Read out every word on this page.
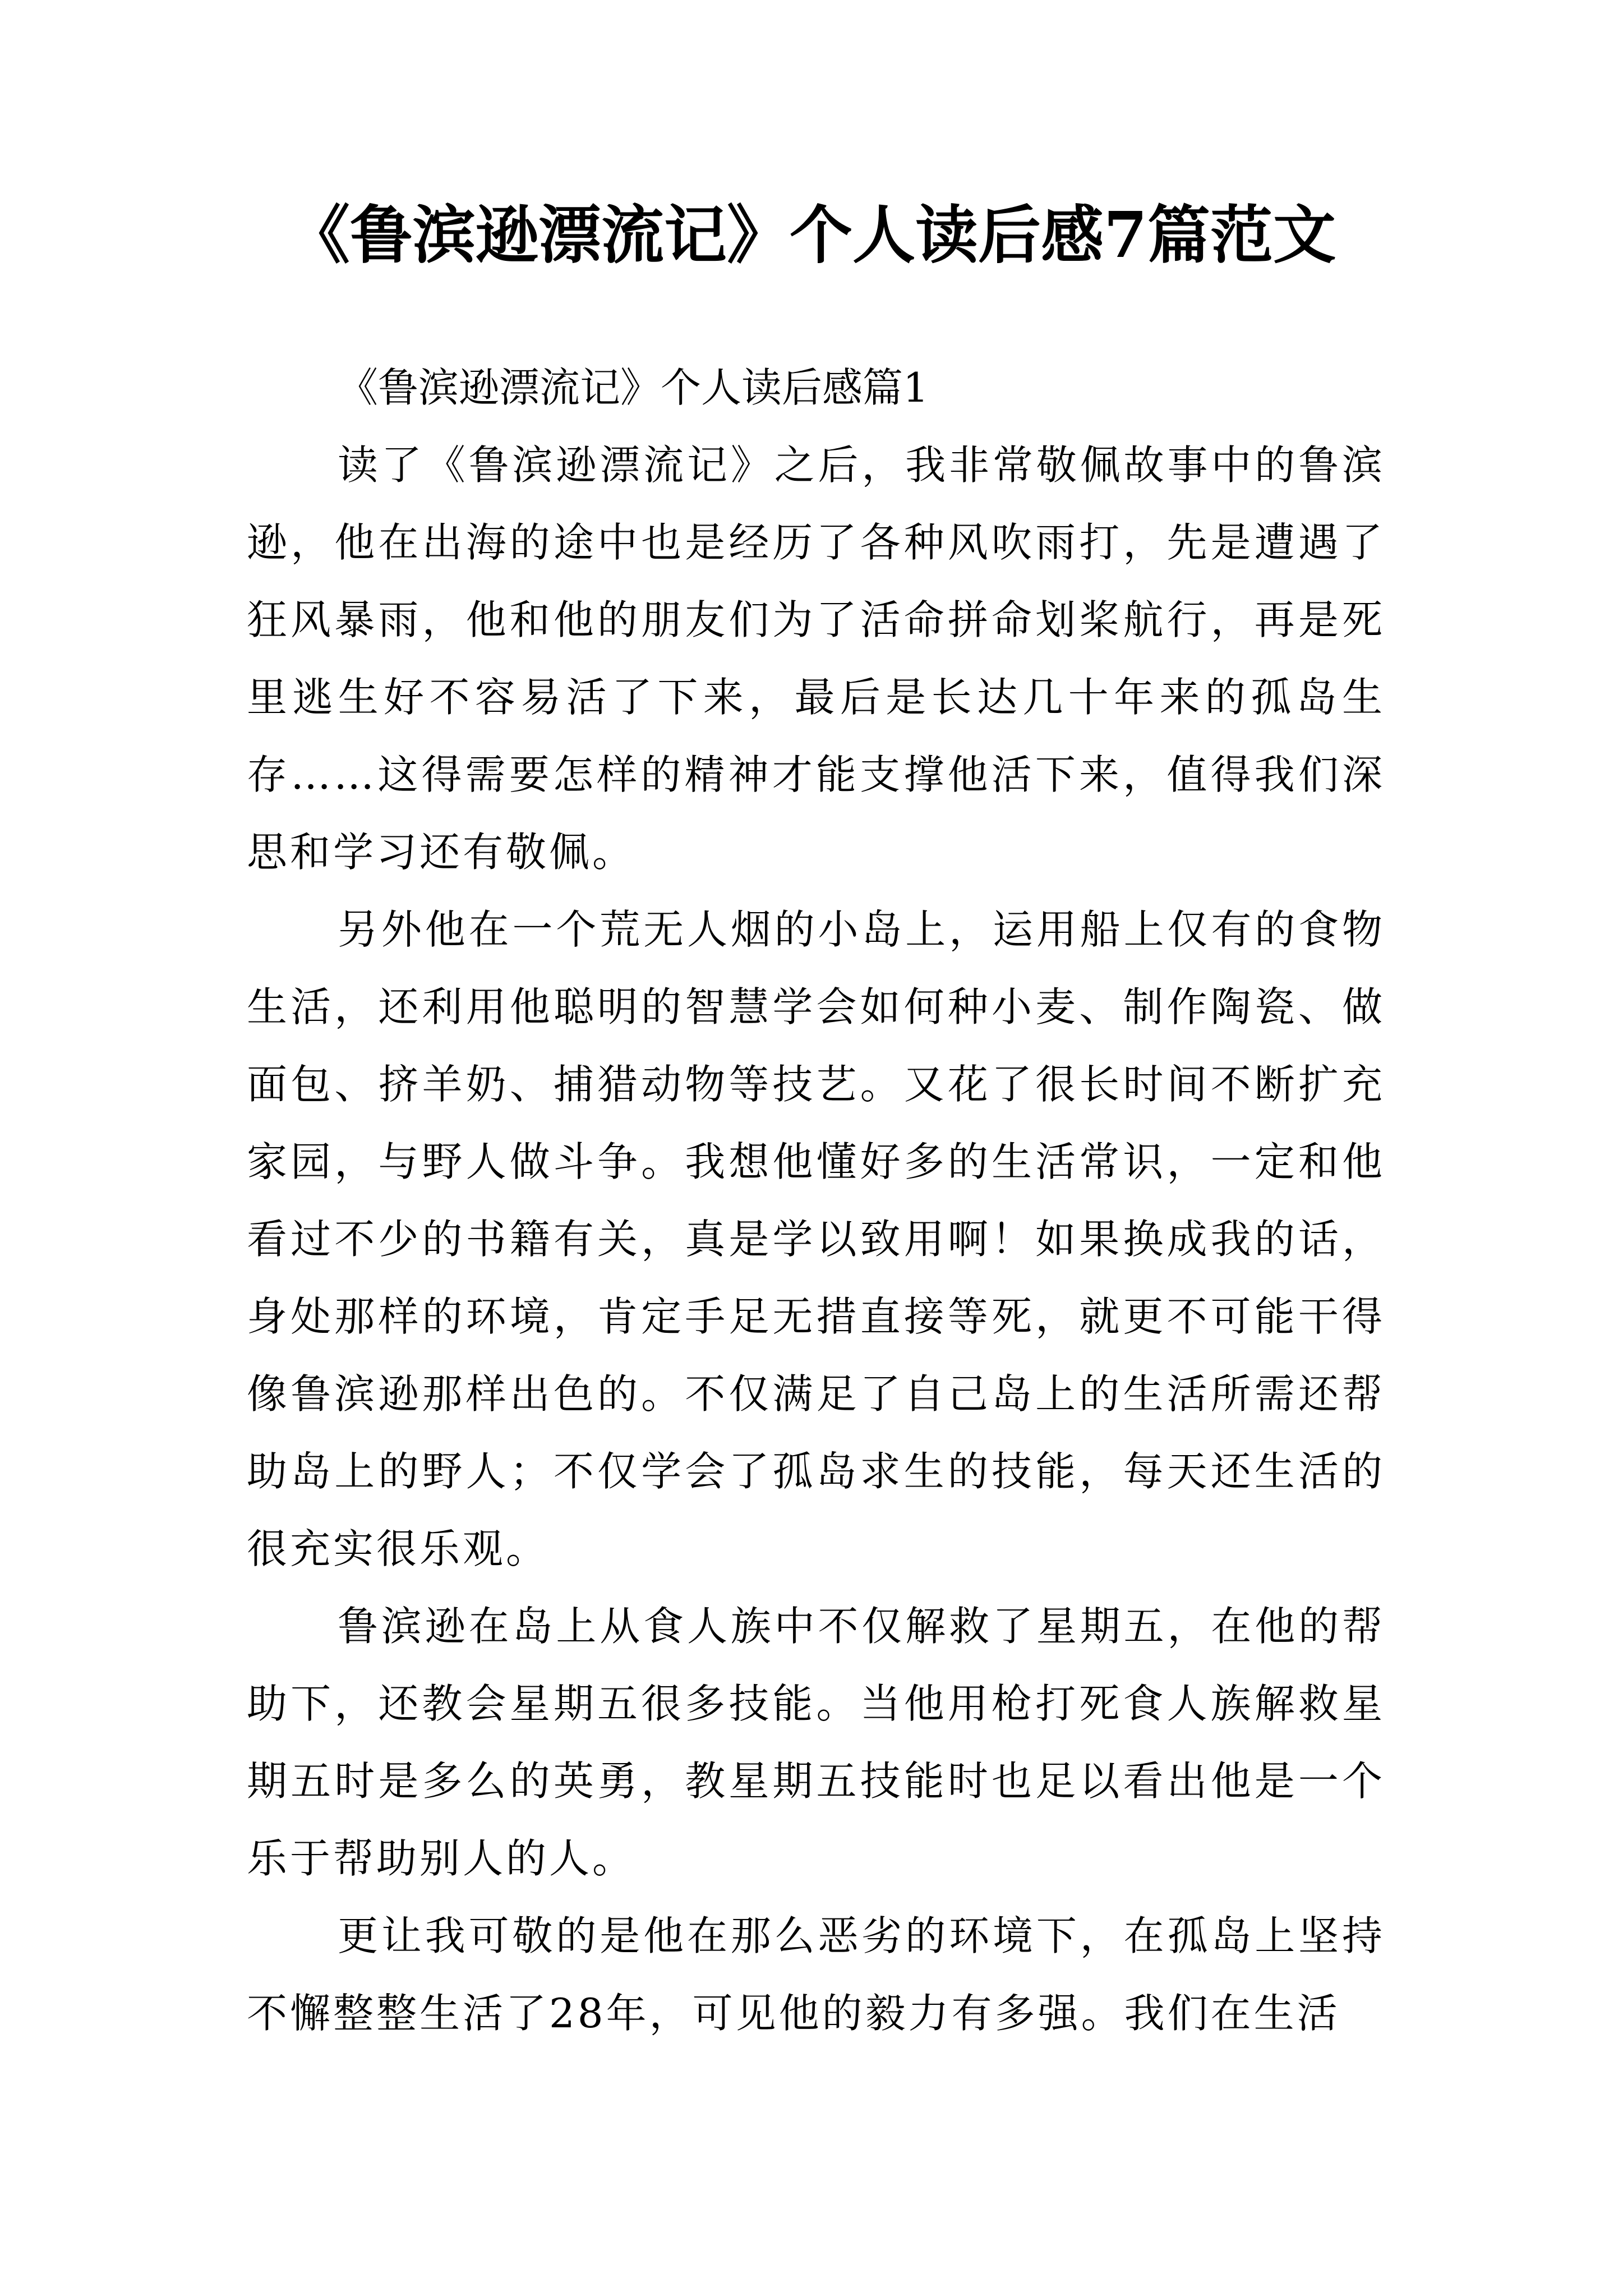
《鲁滨逊漂流记》个人读后感7篇范文

《鲁滨逊漂流记》个人读后感篇1

读了《鲁滨逊漂流记》之后，我非常敬佩故事中的鲁滨逊，他在出海的途中也是经历了各种风吹雨打，先是遭遇了狂风暴雨，他和他的朋友们为了活命拼命划桨航行，再是死里逃生好不容易活了下来，最后是长达几十年来的孤岛生存……这得需要怎样的精神才能支撑他活下来，值得我们深思和学习还有敬佩。

另外他在一个荒无人烟的小岛上，运用船上仅有的食物生活，还利用他聪明的智慧学会如何种小麦、制作陶瓷、做面包、挤羊奶、捕猎动物等技艺。又花了很长时间不断扩充家园，与野人做斗争。我想他懂好多的生活常识，一定和他看过不少的书籍有关，真是学以致用啊！如果换成我的话，身处那样的环境，肯定手足无措直接等死，就更不可能干得像鲁滨逊那样出色的。不仅满足了自己岛上的生活所需还帮助岛上的野人；不仅学会了孤岛求生的技能，每天还生活的很充实很乐观。

鲁滨逊在岛上从食人族中不仅解救了星期五，在他的帮助下，还教会星期五很多技能。当他用枪打死食人族解救星期五时是多么的英勇，教星期五技能时也足以看出他是一个乐于帮助别人的人。

更让我可敬的是他在那么恶劣的环境下，在孤岛上坚持不懈整整生活了28年，可见他的毅力有多强。我们在生活
